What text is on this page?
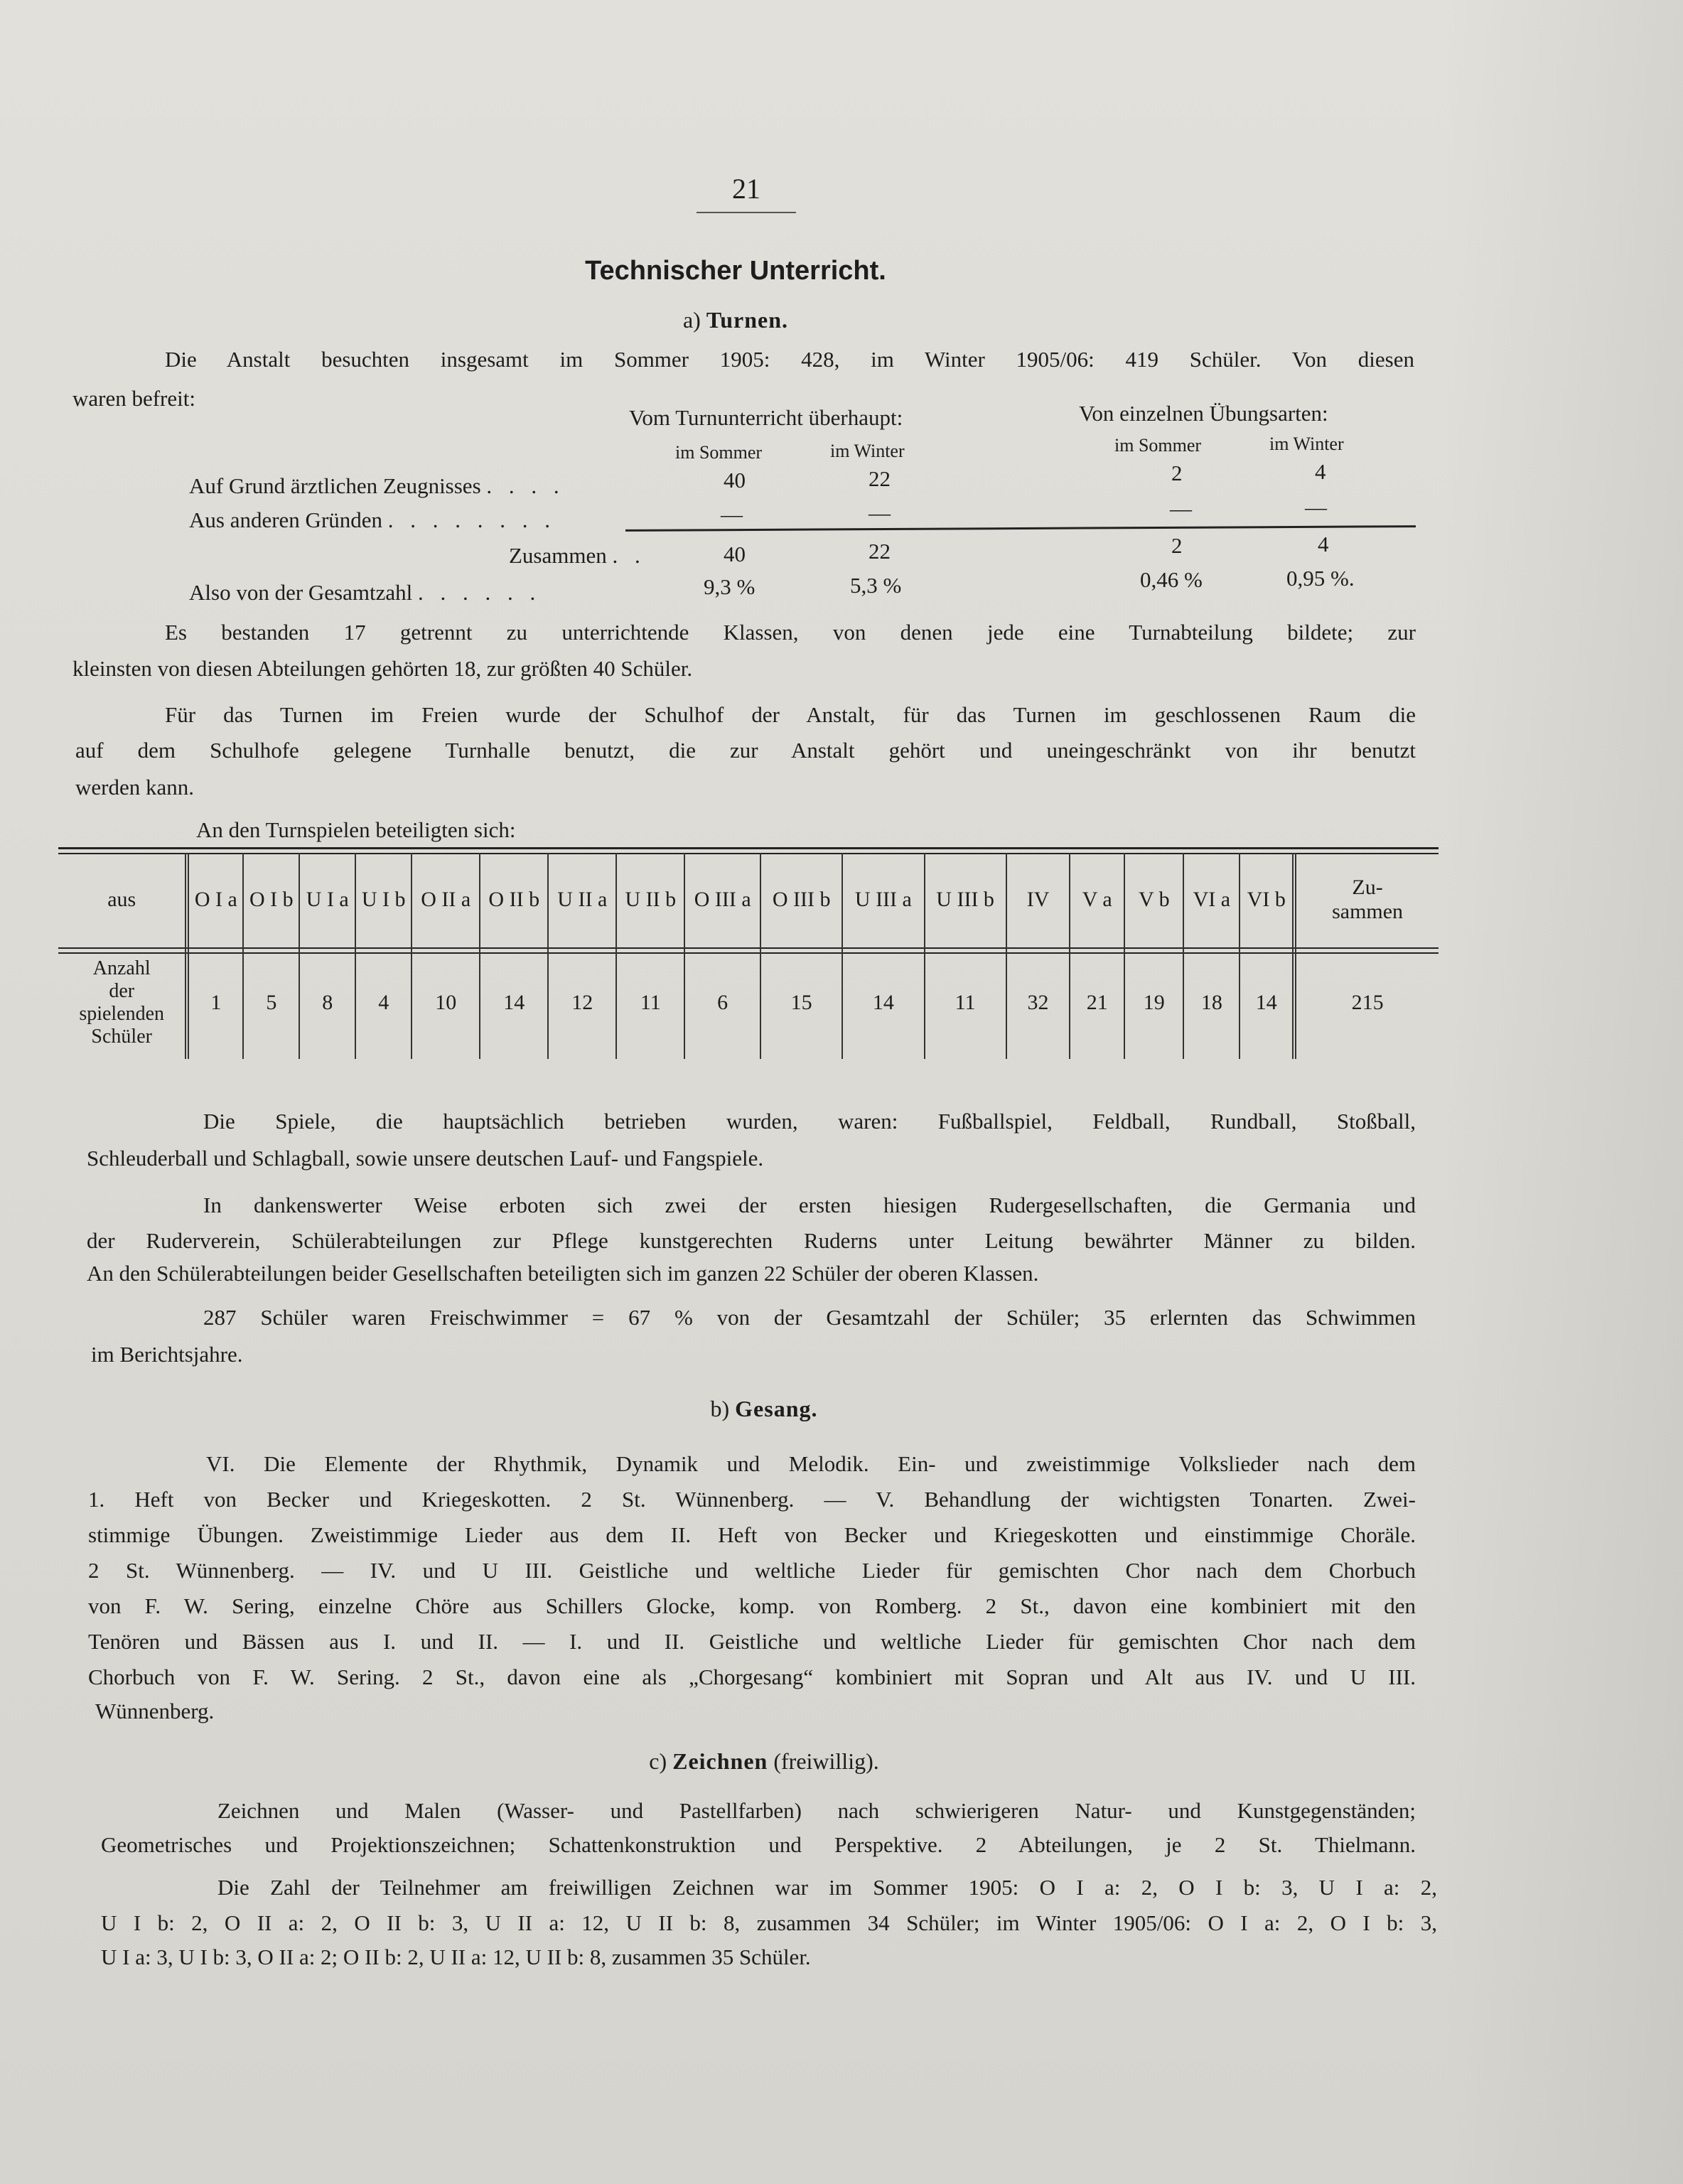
21
Technischer Unterricht.
a) Turnen.
Die Anstalt besuchten insgesamt im Sommer 1905: 428, im Winter 1905/06: 419 Schüler. Von diesen
waren befreit:
Vom Turnunterricht überhaupt:	Von einzelnen Übungsarten:
im Sommer	im Winter	im Sommer	im Winter
Auf Grund ärztlichen Zeugnisses . . . .	40	22	2	4
Aus anderen Gründen . . . . . . . .	—	—	—	—
Zusammen . .	40	22	2	4
Also von der Gesamtzahl . . . . . .	9,3 %	5,3 %	0,46 %	0,95 %.
Es bestanden 17 getrennt zu unterrichtende Klassen, von denen jede eine Turnabteilung bildete; zur
kleinsten von diesen Abteilungen gehörten 18, zur größten 40 Schüler.
Für das Turnen im Freien wurde der Schulhof der Anstalt, für das Turnen im geschlossenen Raum die
auf dem Schulhofe gelegene Turnhalle benutzt, die zur Anstalt gehört und uneingeschränkt von ihr benutzt
werden kann.
An den Turnspielen beteiligten sich:
aus	O I a	O I b	U I a	U I b	O II a	O II b	U II a	U II b	O III a	O III b	U III a	U III b	IV	V a	V b	VI a	VI b	Zu-
sammen

Anzahl
der
spielenden
Schüler	1	5	8	4	10	14	12	11	6	15	14	11	32	21	19	18	14	215
Die Spiele, die hauptsächlich betrieben wurden, waren: Fußballspiel, Feldball, Rundball, Stoßball,
Schleuderball und Schlagball, sowie unsere deutschen Lauf- und Fangspiele.
In dankenswerter Weise erboten sich zwei der ersten hiesigen Rudergesellschaften, die Germania und
der Ruderverein, Schülerabteilungen zur Pflege kunstgerechten Ruderns unter Leitung bewährter Männer zu bilden.
An den Schülerabteilungen beider Gesellschaften beteiligten sich im ganzen 22 Schüler der oberen Klassen.
287 Schüler waren Freischwimmer = 67 % von der Gesamtzahl der Schüler; 35 erlernten das Schwimmen
im Berichtsjahre.
b) Gesang.
VI. Die Elemente der Rhythmik, Dynamik und Melodik. Ein- und zweistimmige Volkslieder nach dem
1. Heft von Becker und Kriegeskotten. 2 St. Wünnenberg. — V. Behandlung der wichtigsten Tonarten. Zwei-
stimmige Übungen. Zweistimmige Lieder aus dem II. Heft von Becker und Kriegeskotten und einstimmige Choräle.
2 St. Wünnenberg. — IV. und U III. Geistliche und weltliche Lieder für gemischten Chor nach dem Chorbuch
von F. W. Sering, einzelne Chöre aus Schillers Glocke, komp. von Romberg. 2 St., davon eine kombiniert mit den
Tenören und Bässen aus I. und II. — I. und II. Geistliche und weltliche Lieder für gemischten Chor nach dem
Chorbuch von F. W. Sering. 2 St., davon eine als „Chorgesang“ kombiniert mit Sopran und Alt aus IV. und U III.
Wünnenberg.
c) Zeichnen (freiwillig).
Zeichnen und Malen (Wasser- und Pastellfarben) nach schwierigeren Natur- und Kunstgegenständen;
Geometrisches und Projektionszeichnen; Schattenkonstruktion und Perspektive. 2 Abteilungen, je 2 St. Thielmann.
Die Zahl der Teilnehmer am freiwilligen Zeichnen war im Sommer 1905: O I a: 2, O I b: 3, U I a: 2,
U I b: 2, O II a: 2, O II b: 3, U II a: 12, U II b: 8, zusammen 34 Schüler; im Winter 1905/06: O I a: 2, O I b: 3,
U I a: 3, U I b: 3, O II a: 2; O II b: 2, U II a: 12, U II b: 8, zusammen 35 Schüler.
